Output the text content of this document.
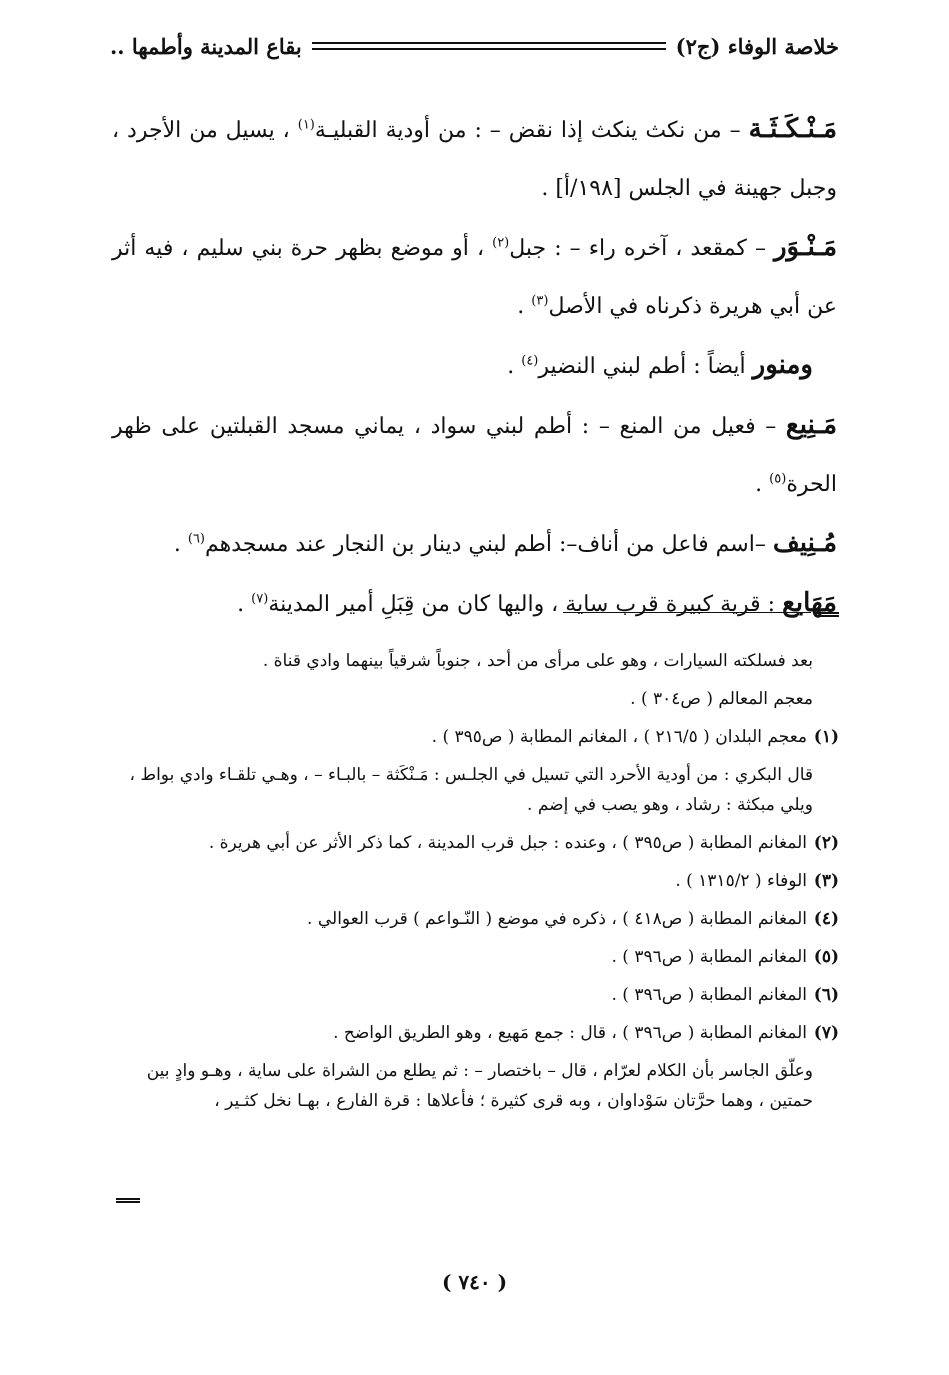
خلاصة الوفاء (ج٢)
بقاع المدينة وأطمها ..

مَـنْـكَـثَـة – من نكث ينكث إذا نقض – : من أودية القبليـة$^{(١)}$ ، يسيل من الأجرد ، وجبل جهينة في الجلس [١٩٨/أ] .

مَـنْـوَر – كمقعد ، آخره راء – : جبل$^{(٢)}$ ، أو موضع بظهر حرة بني سليم ، فيه أثر عن أبي هريرة ذكرناه في الأصل$^{(٣)}$ .

ومنور أيضاً : أطم لبني النضير$^{(٤)}$ .

مَـنِيع – فعيل من المنع – : أطم لبني سواد ، يماني مسجد القبلتين على ظهر الحرة$^{(٥)}$ .

مُـنِيف –اسم فاعل من أناف–: أطم لبني دينار بن النجار عند مسجدهم$^{(٦)}$ .

مَهَايع : قرية كبيرة قرب ساية ، واليها كان من قِبَلِ أمير المدينة$^{(٧)}$ .

بعد فسلكته السيارات ، وهو على مرأى من أحد ، جنوباً شرقياً بينهما وادي قناة .

معجم المعالم ( ص٣٠٤ ) .

(١)
معجم البلدان ( ٢١٦/٥ ) ، المغانم المطابة ( ص٣٩٥ ) .

قال البكري : من أودية الأحرد التي تسيل في الجلـس : مَـنْكَثة – بالبـاء – ، وهـي تلقـاء وادي بواط ، ويلي مبكثة : رشاد ، وهو يصب في إضم .

(٢)
المغانم المطابة ( ص٣٩٥ ) ، وعنده : جبل قرب المدينة ، كما ذكر الأثر عن أبي هريرة .
(٣)
الوفاء ( ١٣١٥/٢ ) .
(٤)
المغانم المطابة ( ص٤١٨ ) ، ذكره في موضع ( النّـواعم ) قرب العوالي .
(٥)
المغانم المطابة ( ص٣٩٦ ) .
(٦)
المغانم المطابة ( ص٣٩٦ ) .
(٧)
المغانم المطابة ( ص٣٩٦ ) ، قال : جمع مَهيع ، وهو الطريق الواضح .

وعلّق الجاسر بأن الكلام لعرّام ، قال – باختصار – : ثم يطلع من الشراة على ساية ، وهـو وادٍ بين حمتين ، وهما حرَّتان سَوْداوان ، وبه قرى كثيرة ؛ فأعلاها : قرة الفارع ، بهـا نخل كثـير ،

( ٧٤٠ )
